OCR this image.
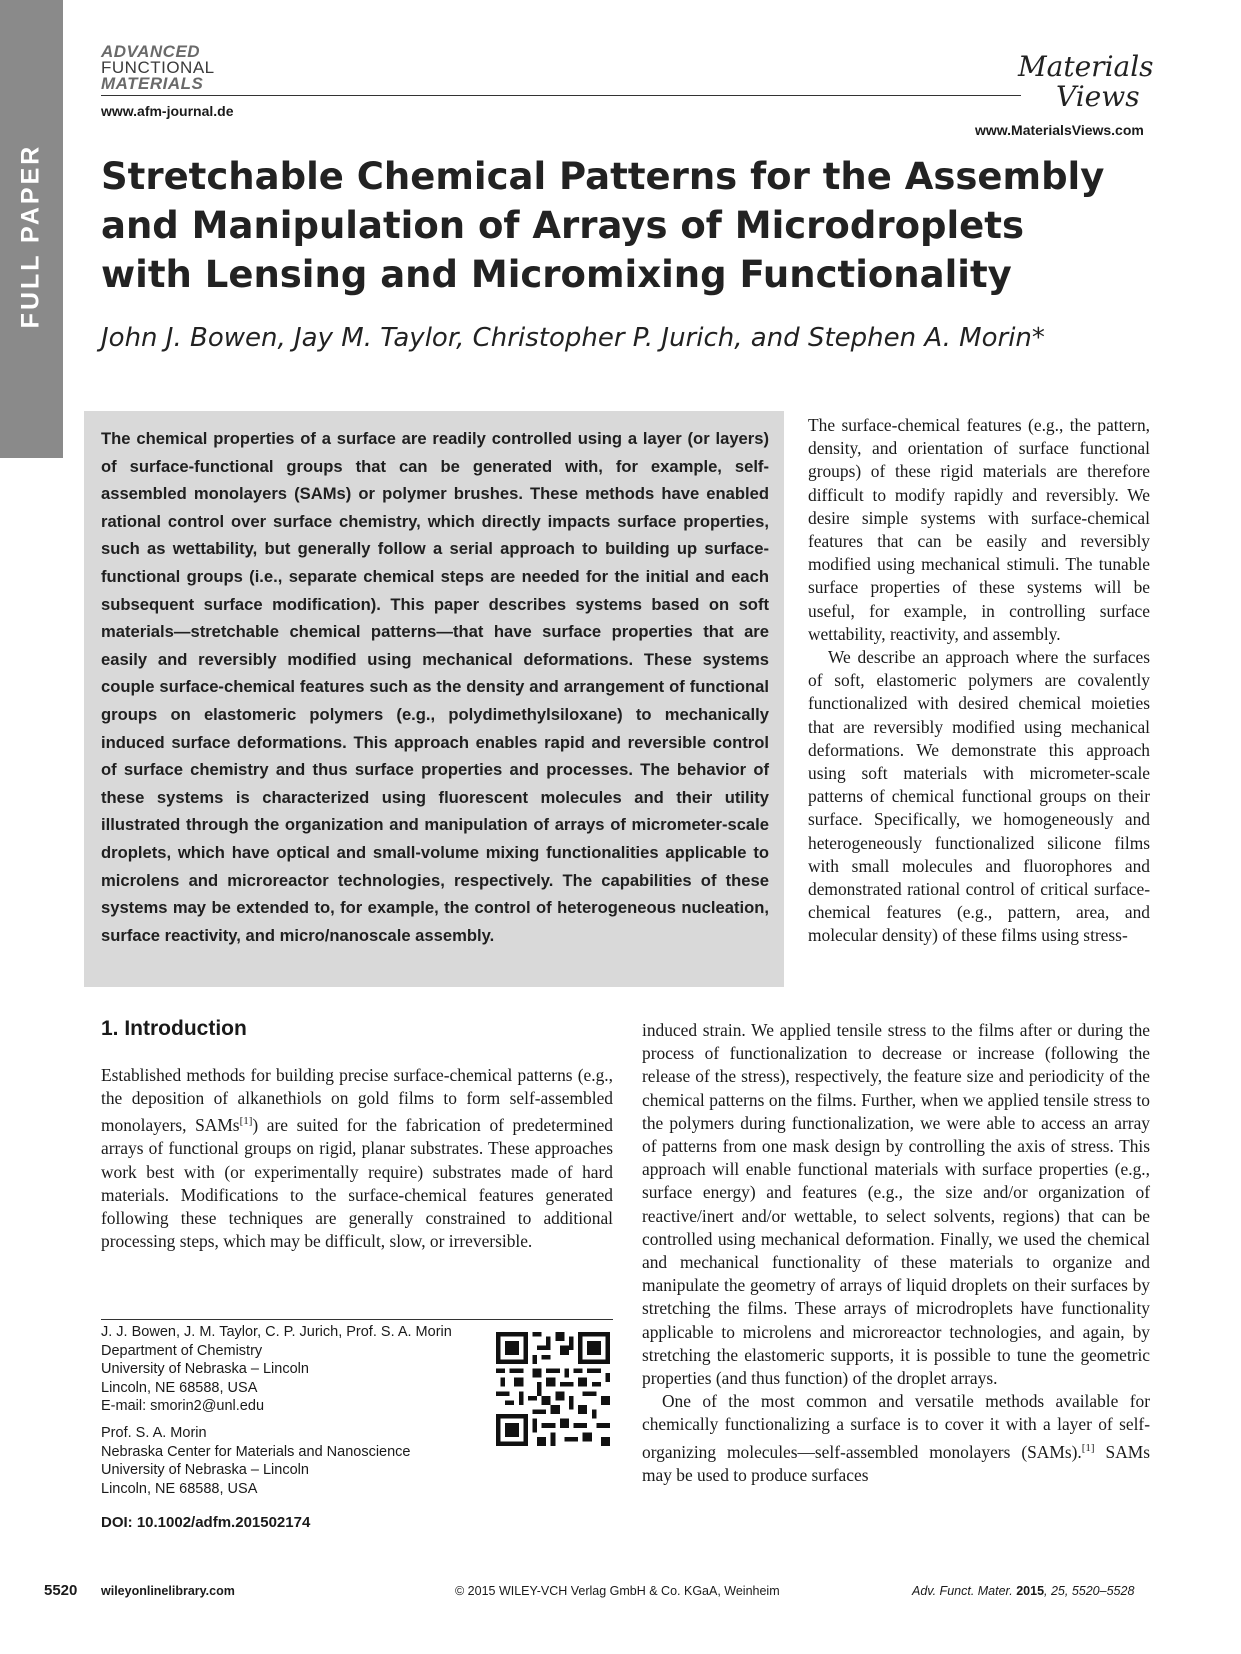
FULL PAPER
ADVANCED
FUNCTIONAL
MATERIALS
www.afm-journal.de
Materials
Views
www.MaterialsViews.com
Stretchable Chemical Patterns for the Assembly and Manipulation of Arrays of Microdroplets with Lensing and Micromixing Functionality
John J. Bowen, Jay M. Taylor, Christopher P. Jurich, and Stephen A. Morin*
The chemical properties of a surface are readily controlled using a layer (or layers) of surface-functional groups that can be generated with, for example, self-assembled monolayers (SAMs) or polymer brushes. These methods have enabled rational control over surface chemistry, which directly impacts surface properties, such as wettability, but generally follow a serial approach to building up surface-functional groups (i.e., separate chemical steps are needed for the initial and each subsequent surface modification). This paper describes systems based on soft materials—stretchable chemical patterns—that have surface properties that are easily and reversibly modified using mechanical deformations. These systems couple surface-chemical features such as the density and arrangement of functional groups on elastomeric polymers (e.g., polydimethylsiloxane) to mechanically induced surface deformations. This approach enables rapid and reversible control of surface chemistry and thus surface properties and processes. The behavior of these systems is characterized using fluorescent molecules and their utility illustrated through the organization and manipulation of arrays of micrometer-scale droplets, which have optical and small-volume mixing functionalities applicable to microlens and microreactor technologies, respectively. The capabilities of these systems may be extended to, for example, the control of heterogeneous nucleation, surface reactivity, and micro/nanoscale assembly.

The surface-chemical features (e.g., the pattern, density, and orientation of surface functional groups) of these rigid materials are therefore difficult to modify rapidly and reversibly. We desire simple systems with surface-chemical features that can be easily and reversibly modified using mechanical stimuli. The tunable surface properties of these systems will be useful, for example, in controlling surface wettability, reactivity, and assembly.

We describe an approach where the surfaces of soft, elastomeric polymers are covalently functionalized with desired chemical moieties that are reversibly modified using mechanical deformations. We demonstrate this approach using soft materials with micrometer-scale patterns of chemical functional groups on their surface. Specifically, we homogeneously and heterogeneously functionalized silicone films with small molecules and fluorophores and demonstrated rational control of critical surface-chemical features (e.g., pattern, area, and molecular density) of these films using stress-

1. Introduction

Established methods for building precise surface-chemical patterns (e.g., the deposition of alkanethiols on gold films to form self-assembled monolayers, SAMs[1]) are suited for the fabrication of predetermined arrays of functional groups on rigid, planar substrates. These approaches work best with (or experimentally require) substrates made of hard materials. Modifications to the surface-chemical features generated following these techniques are generally constrained to additional processing steps, which may be difficult, slow, or irreversible.

induced strain. We applied tensile stress to the films after or during the process of functionalization to decrease or increase (following the release of the stress), respectively, the feature size and periodicity of the chemical patterns on the films. Further, when we applied tensile stress to the polymers during functionalization, we were able to access an array of patterns from one mask design by controlling the axis of stress. This approach will enable functional materials with surface properties (e.g., surface energy) and features (e.g., the size and/or organization of reactive/inert and/or wettable, to select solvents, regions) that can be controlled using mechanical deformation. Finally, we used the chemical and mechanical functionality of these materials to organize and manipulate the geometry of arrays of liquid droplets on their surfaces by stretching the films. These arrays of microdroplets have functionality applicable to microlens and microreactor technologies, and again, by stretching the elastomeric supports, it is possible to tune the geometric properties (and thus function) of the droplet arrays.

One of the most common and versatile methods available for chemically functionalizing a surface is to cover it with a layer of self-organizing molecules—self-assembled monolayers (SAMs).[1] SAMs may be used to produce surfaces

J. J. Bowen, J. M. Taylor, C. P. Jurich, Prof. S. A. Morin
Department of Chemistry
University of Nebraska – Lincoln
Lincoln, NE 68588, USA
E-mail: smorin2@unl.edu
Prof. S. A. Morin
Nebraska Center for Materials and Nanoscience
University of Nebraska – Lincoln
Lincoln, NE 68588, USA
DOI: 10.1002/adfm.201502174
5520 wileyonlinelibrary.com	© 2015 WILEY-VCH Verlag GmbH & Co. KGaA, Weinheim	Adv. Funct. Mater. 2015, 25, 5520–5528
